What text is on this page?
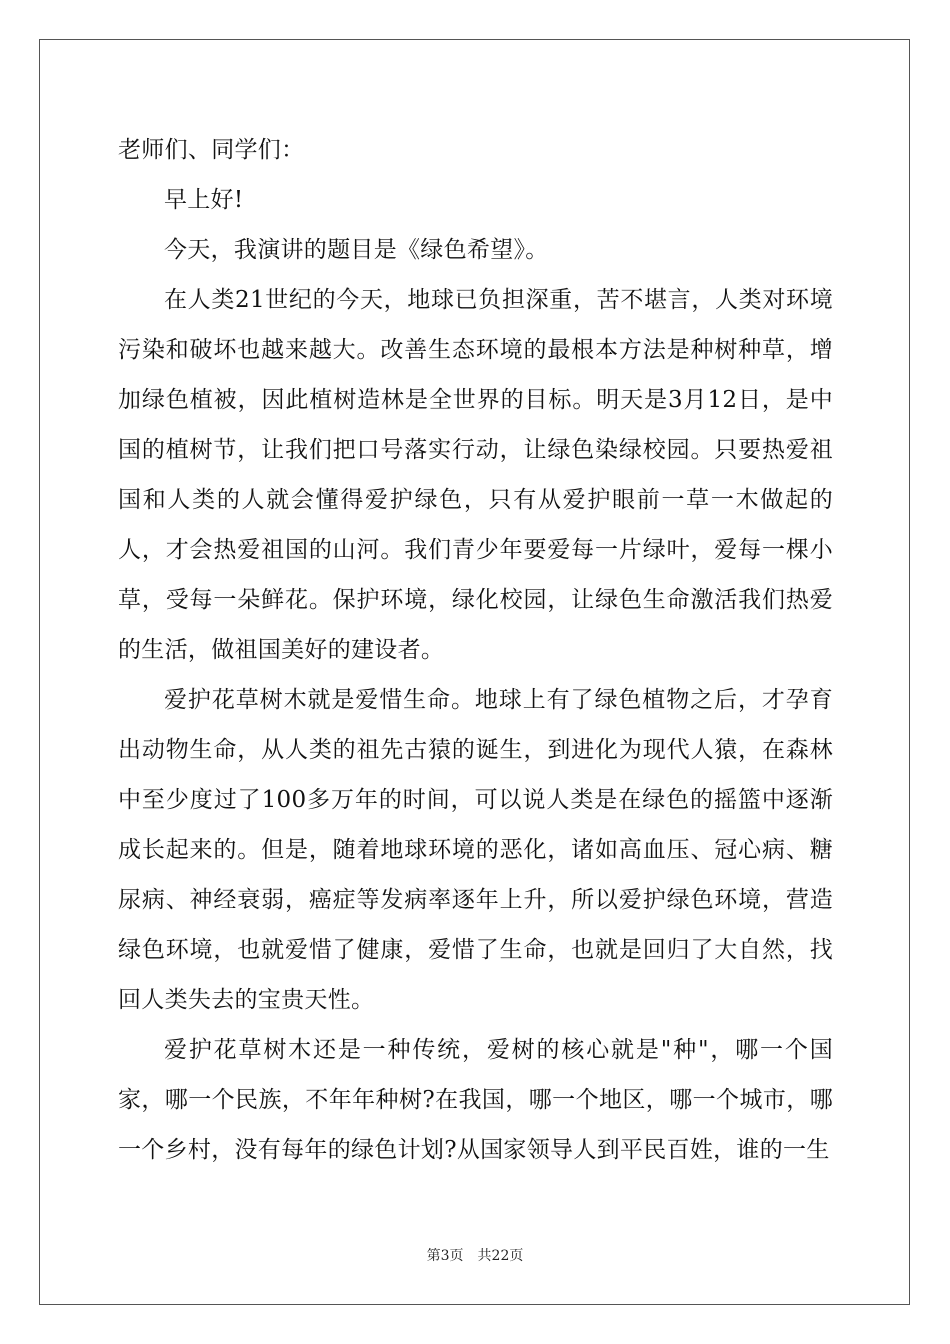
老师们、同学们：

早上好!

今天，我演讲的题目是《绿色希望》。

在人类21世纪的今天，地球已负担深重，苦不堪言，人类对环境污染和破坏也越来越大。改善生态环境的最根本方法是种树种草，增加绿色植被，因此植树造林是全世界的目标。明天是3月12日，是中国的植树节，让我们把口号落实行动，让绿色染绿校园。只要热爱祖国和人类的人就会懂得爱护绿色，只有从爱护眼前一草一木做起的人，才会热爱祖国的山河。我们青少年要爱每一片绿叶，爱每一棵小草，受每一朵鲜花。保护环境，绿化校园，让绿色生命激活我们热爱的生活，做祖国美好的建设者。

爱护花草树木就是爱惜生命。地球上有了绿色植物之后，才孕育出动物生命，从人类的祖先古猿的诞生，到进化为现代人猿，在森林中至少度过了100多万年的时间，可以说人类是在绿色的摇篮中逐渐成长起来的。但是，随着地球环境的恶化，诸如高血压、冠心病、糖尿病、神经衰弱，癌症等发病率逐年上升，所以爱护绿色环境，营造绿色环境，也就爱惜了健康，爱惜了生命，也就是回归了大自然，找回人类失去的宝贵天性。

爱护花草树木还是一种传统，爱树的核心就是"种"，哪一个国家，哪一个民族，不年年种树?在我国，哪一个地区，哪一个城市，哪一个乡村，没有每年的绿色计划?从国家领导人到平民百姓，谁的一生

第3页 共22页
